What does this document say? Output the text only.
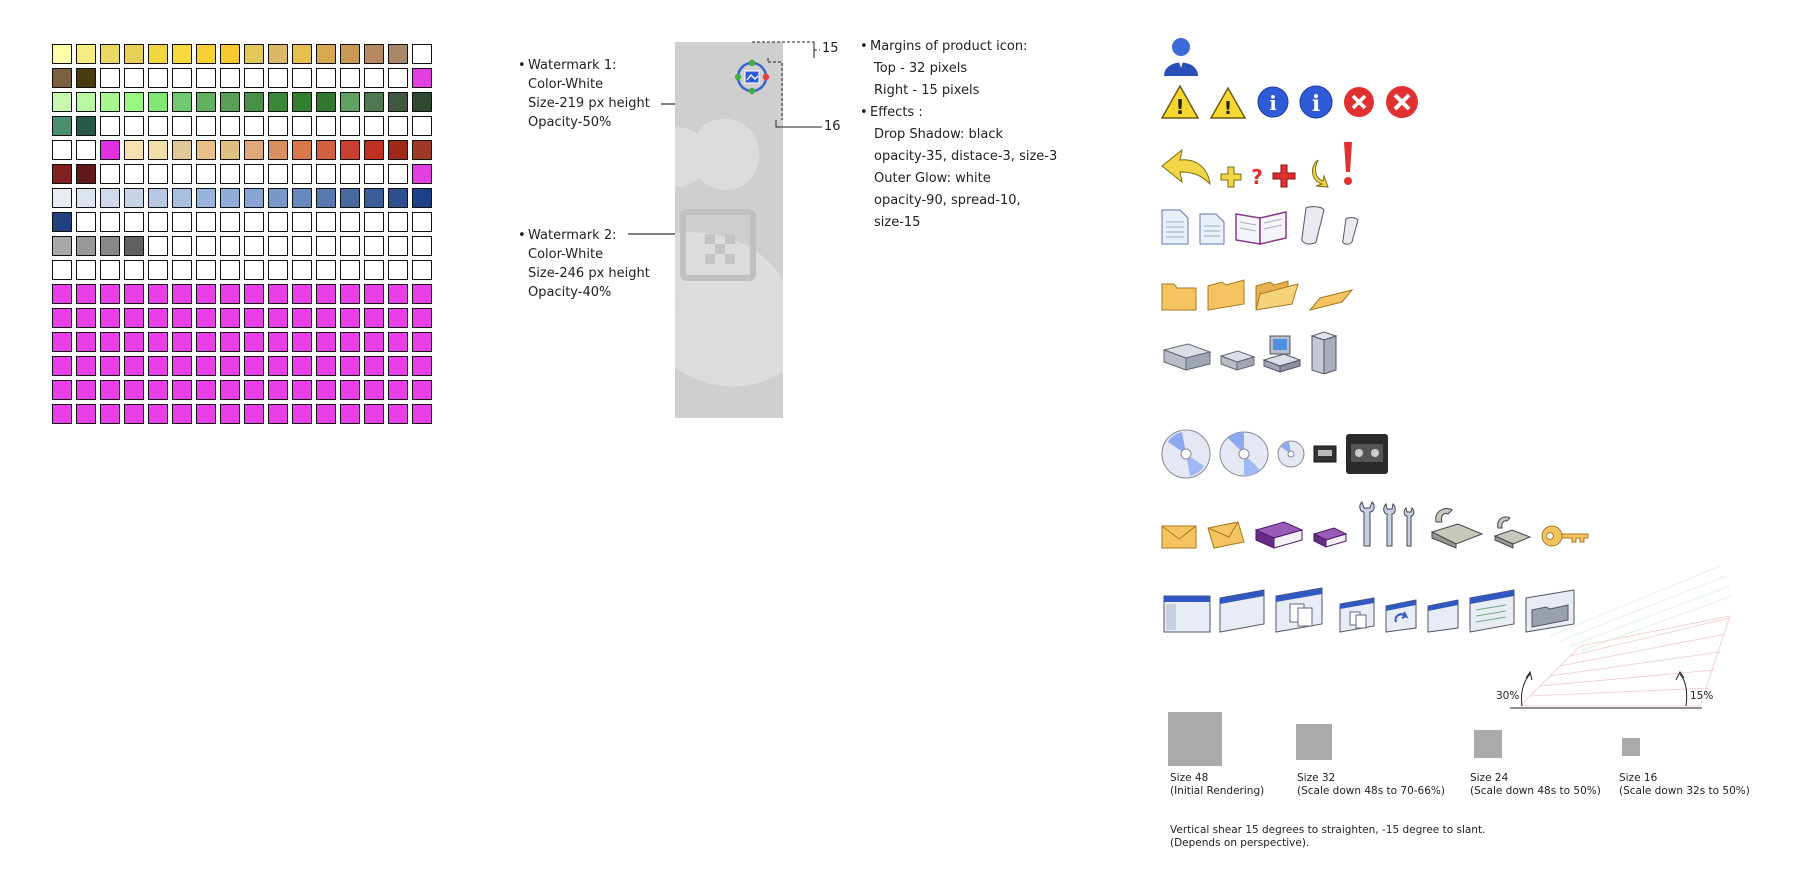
• Watermark 1:
Color-White
Size-219 px height
Opacity-50%
• Watermark 2:
Color-White
Size-246 px height
Opacity-40%
15
16
• Margins of product icon:
Top - 32 pixels
Right - 15 pixels
• Effects :
Drop Shadow: black
opacity-35, distace-3, size-3
Outer Glow: white
opacity-90, spread-10,
size-15
! ! i i
?
30%	15%
Size 48
(Initial Rendering)
Size 32
(Scale down 48s to 70-66%)
Size 24
(Scale down 48s to 50%)
Size 16
(Scale down 32s to 50%)
Vertical shear 15 degrees to straighten, -15 degree to slant.
(Depends on perspective).
